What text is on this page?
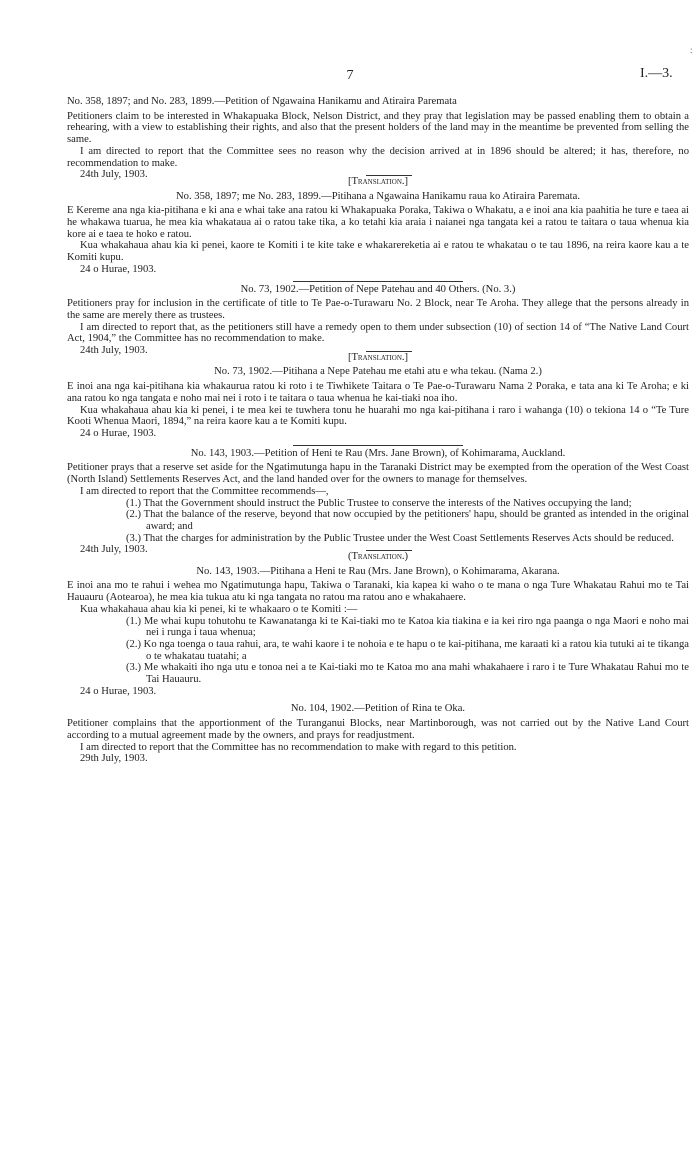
:
7	I.—3.

No. 358, 1897; and No. 283, 1899.—Petition of Ngawaina Hanikamu and Atiraira Paremata

Petitioners claim to be interested in Whakapuaka Block, Nelson District, and they pray that legislation may be passed enabling them to obtain a rehearing, with a view to establishing their rights, and also that the present holders of the land may in the meantime be prevented from selling the same.

I am directed to report that the Committee sees no reason why the decision arrived at in 1896 should be altered; it has, therefore, no recommendation to make.

24th July, 1903.

[Translation.]

No. 358, 1897; me No. 283, 1899.—Pitihana a Ngawaina Hanikamu raua ko Atiraira Paremata.

E Kereme ana nga kia-pitihana e ki ana e whai take ana ratou ki Whakapuaka Poraka, Takiwa o Whakatu, a e inoi ana kia paahitia he ture e taea ai he whakawa tuarua, he mea kia whakataua ai o ratou take tika, a ko tetahi kia araia i naianei nga tangata kei a ratou te taitara o taua whenua kia kore ai e taea te hoko e ratou.

Kua whakahaua ahau kia ki penei, kaore te Komiti i te kite take e whakarereketia ai e ratou te whakatau o te tau 1896, na reira kaore kau a te Komiti kupu.

24 o Hurae, 1903.

No. 73, 1902.—Petition of Nepe Patehau and 40 Others. (No. 3.)

Petitioners pray for inclusion in the certificate of title to Te Pae-o-Turawaru No. 2 Block, near Te Aroha. They allege that the persons already in the same are merely there as trustees.

I am directed to report that, as the petitioners still have a remedy open to them under subsection (10) of section 14 of “The Native Land Court Act, 1904,” the Committee has no recommendation to make.

24th July, 1903.

[Translation.]

No. 73, 1902.—Pitihana a Nepe Patehau me etahi atu e wha tekau. (Nama 2.)

E inoi ana nga kai-pitihana kia whakaurua ratou ki roto i te Tiwhikete Taitara o Te Pae-o-Turawaru Nama 2 Poraka, e tata ana ki Te Aroha; e ki ana ratou ko nga tangata e noho mai nei i roto i te taitara o taua whenua he kai-tiaki noa iho.

Kua whakahaua ahau kia ki penei, i te mea kei te tuwhera tonu he huarahi mo nga kai-pitihana i raro i wahanga (10) o tekiona 14 o “Te Ture Kooti Whenua Maori, 1894,” na reira kaore kau a te Komiti kupu.

24 o Hurae, 1903.

No. 143, 1903.—Petition of Heni te Rau (Mrs. Jane Brown), of Kohimarama, Auckland.

Petitioner prays that a reserve set aside for the Ngatimutunga hapu in the Taranaki District may be exempted from the operation of the West Coast (North Island) Settlements Reserves Act, and the land handed over for the owners to manage for themselves.

I am directed to report that the Committee recommends—,

(1.) That the Government should instruct the Public Trustee to conserve the interests of the Natives occupying the land;

(2.) That the balance of the reserve, beyond that now occupied by the petitioners' hapu, should be granted as intended in the original award; and

(3.) That the charges for administration by the Public Trustee under the West Coast Settlements Reserves Acts should be reduced.

24th July, 1903.

(Translation.)

No. 143, 1903.—Pitihana a Heni te Rau (Mrs. Jane Brown), o Kohimarama, Akarana.

E inoi ana mo te rahui i wehea mo Ngatimutunga hapu, Takiwa o Taranaki, kia kapea ki waho o te mana o nga Ture Whakatau Rahui mo te Tai Hauauru (Aotearoa), he mea kia tukua atu ki nga tangata no ratou ma ratou ano e whakahaere.

Kua whakahaua ahau kia ki penei, ki te whakaaro o te Komiti :—

(1.) Me whai kupu tohutohu te Kawanatanga ki te Kai-tiaki mo te Katoa kia tiakina e ia kei riro nga paanga o nga Maori e noho mai nei i runga i taua whenua;

(2.) Ko nga toenga o taua rahui, ara, te wahi kaore i te nohoia e te hapu o te kai-pitihana, me karaati ki a ratou kia tutuki ai te tikanga o te whakatau tuatahi; a

(3.) Me whakaiti iho nga utu e tonoa nei a te Kai-tiaki mo te Katoa mo ana mahi whakahaere i raro i te Ture Whakatau Rahui mo te Tai Hauauru.

24 o Hurae, 1903.

No. 104, 1902.—Petition of Rina te Oka.

Petitioner complains that the apportionment of the Turanganui Blocks, near Martinborough, was not carried out by the Native Land Court according to a mutual agreement made by the owners, and prays for readjustment.

I am directed to report that the Committee has no recommendation to make with regard to this petition.

29th July, 1903.
